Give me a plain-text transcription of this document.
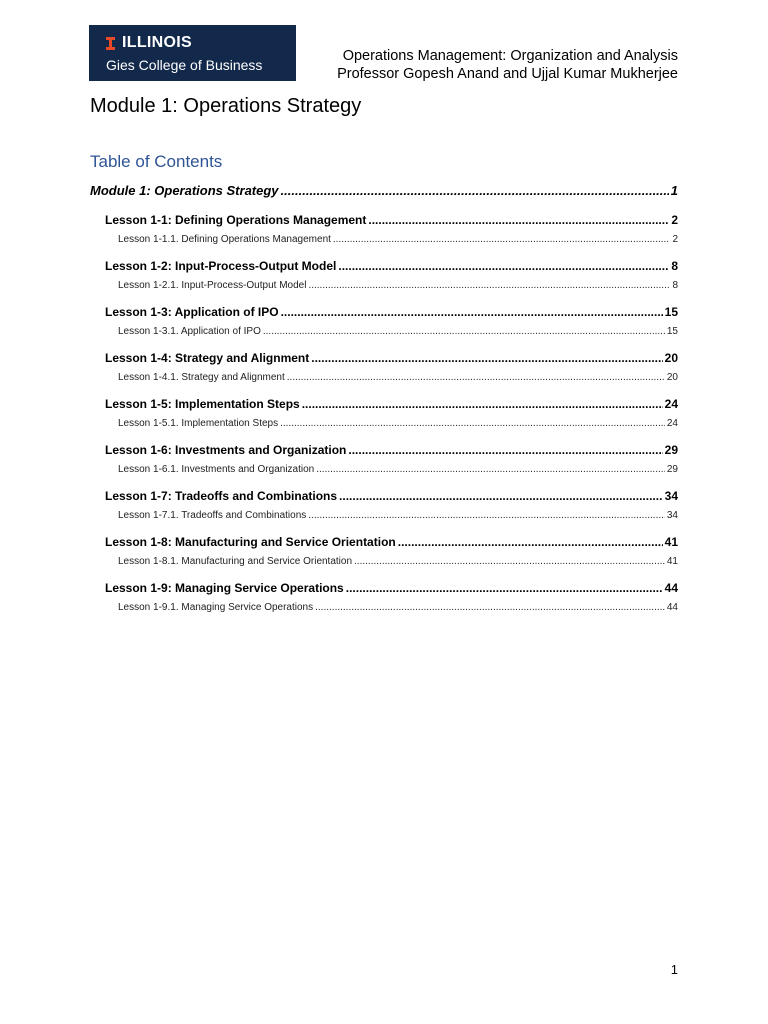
ILLINOIS
Gies College of Business
Operations Management: Organization and Analysis
Professor Gopesh Anand and Ujjal Kumar Mukherjee
Module 1: Operations Strategy
Table of Contents
Module 1: Operations Strategy .....	1
Lesson 1-1: Defining Operations Management .....	2
Lesson 1-1.1. Defining Operations Management .....	2
Lesson 1-2: Input-Process-Output Model .....	8
Lesson 1-2.1. Input-Process-Output Model .....	8
Lesson 1-3: Application of IPO .....	15
Lesson 1-3.1. Application of IPO .....	15
Lesson 1-4: Strategy and Alignment .....	20
Lesson 1-4.1. Strategy and Alignment .....	20
Lesson 1-5: Implementation Steps .....	24
Lesson 1-5.1. Implementation Steps .....	24
Lesson 1-6: Investments and Organization .....	29
Lesson 1-6.1. Investments and Organization .....	29
Lesson 1-7: Tradeoffs and Combinations .....	34
Lesson 1-7.1. Tradeoffs and Combinations .....	34
Lesson 1-8: Manufacturing and Service Orientation .....	41
Lesson 1-8.1. Manufacturing and Service Orientation .....	41
Lesson 1-9: Managing Service Operations .....	44
Lesson 1-9.1. Managing Service Operations .....	44
1
